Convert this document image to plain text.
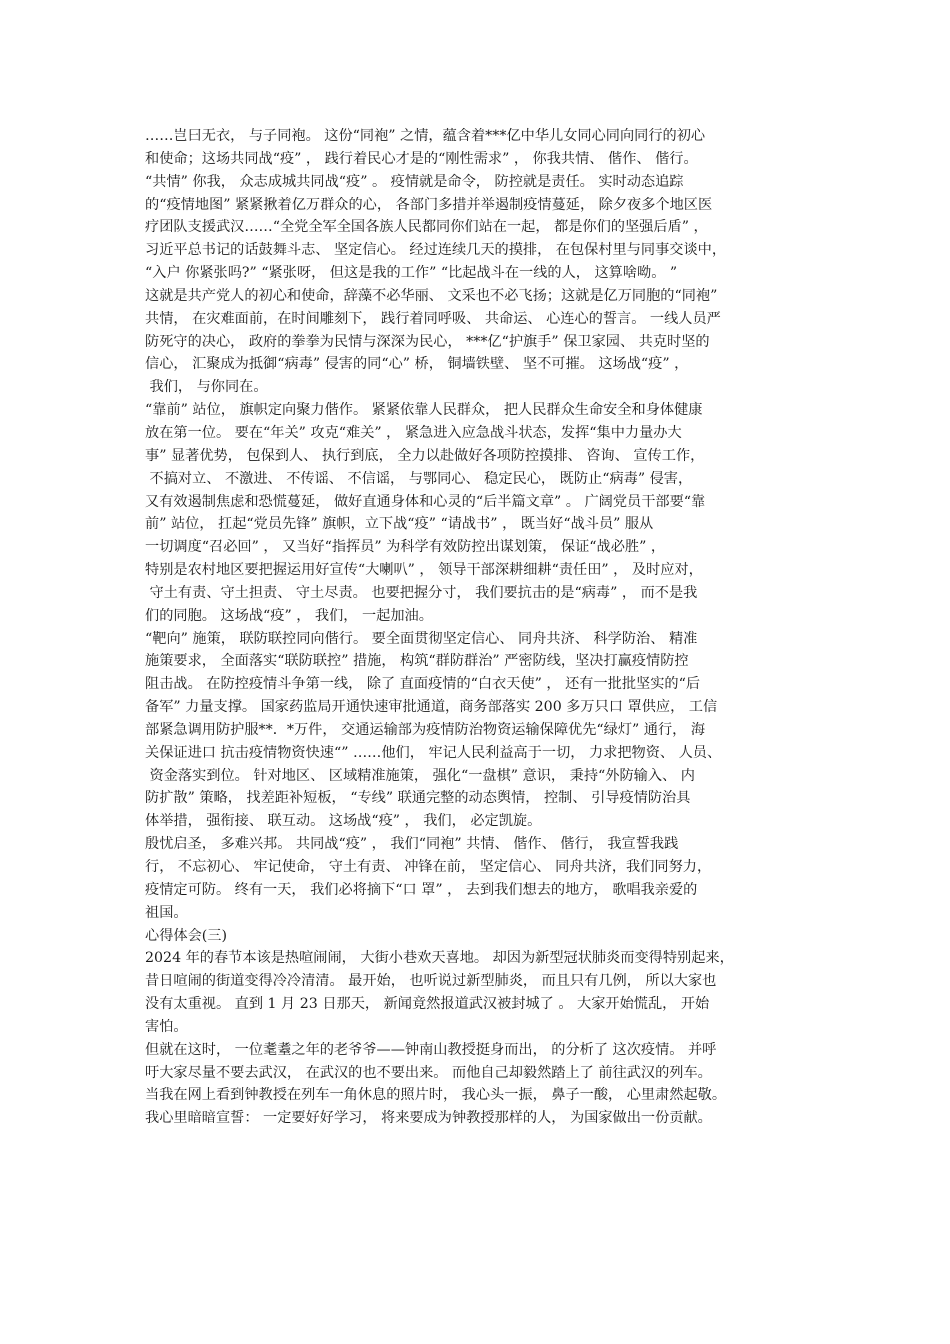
……岂曰无衣， 与子同袍。 这份“同袍” 之情，蕴含着***亿中华儿女同心同向同行的初心
和使命；这场共同战“疫” ， 践行着民心才是的“刚性需求” ， 你我共情、 偕作、 偕行。
“共情” 你我， 众志成城共同战“疫” 。 疫情就是命令， 防控就是责任。 实时动态追踪
的“疫情地图” 紧紧揪着亿万群众的心， 各部门多措并举遏制疫情蔓延， 除夕夜多个地区医
疗团队支援武汉……“全党全军全国各族人民都同你们站在一起， 都是你们的坚强后盾” ，
习近平总书记的话鼓舞斗志、 坚定信心。 经过连续几天的摸排， 在包保村里与同事交谈中，
“入户 你紧张吗?” “紧张呀， 但这是我的工作” “比起战斗在一线的人， 这算啥呦。 ”
这就是共产党人的初心和使命，辞藻不必华丽、 文采也不必飞扬；这就是亿万同胞的“同袍”
共情， 在灾难面前，在时间雕刻下， 践行着同呼吸、 共命运、 心连心的誓言。 一线人员严
防死守的决心， 政府的拳拳为民情与深深为民心， ***亿“护旗手” 保卫家园、 共克时坚的
信心， 汇聚成为抵御“病毒” 侵害的同“心” 桥， 铜墙铁壁、 坚不可摧。 这场战“疫” ，
我们， 与你同在。
“靠前” 站位， 旗帜定向聚力偕作。 紧紧依靠人民群众， 把人民群众生命安全和身体健康
放在第一位。 要在“年关” 攻克“难关” ， 紧急进入应急战斗状态，发挥“集中力量办大
事” 显著优势， 包保到人、 执行到底， 全力以赴做好各项防控摸排、 咨询、 宣传工作，
不搞对立、 不激进、 不传谣、 不信谣， 与鄂同心、 稳定民心， 既防止“病毒” 侵害，
又有效遏制焦虑和恐慌蔓延， 做好直通身体和心灵的“后半篇文章” 。 广阔党员干部要“靠
前” 站位， 扛起“党员先锋” 旗帜，立下战“疫” “请战书” ， 既当好“战斗员” 服从
一切调度“召必回” ， 又当好“指挥员” 为科学有效防控出谋划策， 保证“战必胜” ，
特别是农村地区要把握运用好宣传“大喇叭” ， 领导干部深耕细耕“责任田” ， 及时应对，
守土有责、守土担责、 守土尽责。 也要把握分寸， 我们要抗击的是“病毒” ， 而不是我
们的同胞。 这场战“疫” ， 我们， 一起加油。
“靶向” 施策， 联防联控同向偕行。 要全面贯彻坚定信心、 同舟共济、 科学防治、 精准
施策要求， 全面落实“联防联控” 措施， 构筑“群防群治” 严密防线，坚决打赢疫情防控
阻击战。 在防控疫情斗争第一线， 除了 直面疫情的“白衣天使” ， 还有一批批坚实的“后
备军” 力量支撑。 国家药监局开通快速审批通道，商务部落实 200 多万只口 罩供应， 工信
部紧急调用防护服**．*万件， 交通运输部为疫情防治物资运输保障优先“绿灯” 通行， 海
关保证进口 抗击疫情物资快速“” ……他们， 牢记人民利益高于一切， 力求把物资、 人员、
资金落实到位。 针对地区、 区域精准施策， 强化“一盘棋” 意识， 秉持“外防输入、 内
防扩散” 策略， 找差距补短板， “专线” 联通完整的动态舆情， 控制、 引导疫情防治具
体举措， 强衔接、 联互动。 这场战“疫” ， 我们， 必定凯旋。
殷忧启圣， 多难兴邦。 共同战“疫” ， 我们“同袍” 共情、 偕作、 偕行， 我宣誓我践
行， 不忘初心、 牢记使命， 守土有责、 冲锋在前， 坚定信心、 同舟共济，我们同努力，
疫情定可防。 终有一天， 我们必将摘下“口 罩” ， 去到我们想去的地方， 歌唱我亲爱的
祖国。
心得体会(三)
2024 年的春节本该是热喧闹闹， 大街小巷欢天喜地。 却因为新型冠状肺炎而变得特别起来，
昔日喧闹的街道变得冷冷清清。 最开始， 也听说过新型肺炎， 而且只有几例， 所以大家也
没有太重视。 直到 1 月 23 日那天， 新闻竟然报道武汉被封城了 。 大家开始慌乱， 开始
害怕。
但就在这时， 一位耄耋之年的老爷爷——钟南山教授挺身而出， 的分析了 这次疫情。 并呼
吁大家尽量不要去武汉， 在武汉的也不要出来。 而他自己却毅然踏上了 前往武汉的列车。
当我在网上看到钟教授在列车一角休息的照片时， 我心头一振， 鼻子一酸， 心里肃然起敬。
我心里暗暗宣誓： 一定要好好学习， 将来要成为钟教授那样的人， 为国家做出一份贡献。
